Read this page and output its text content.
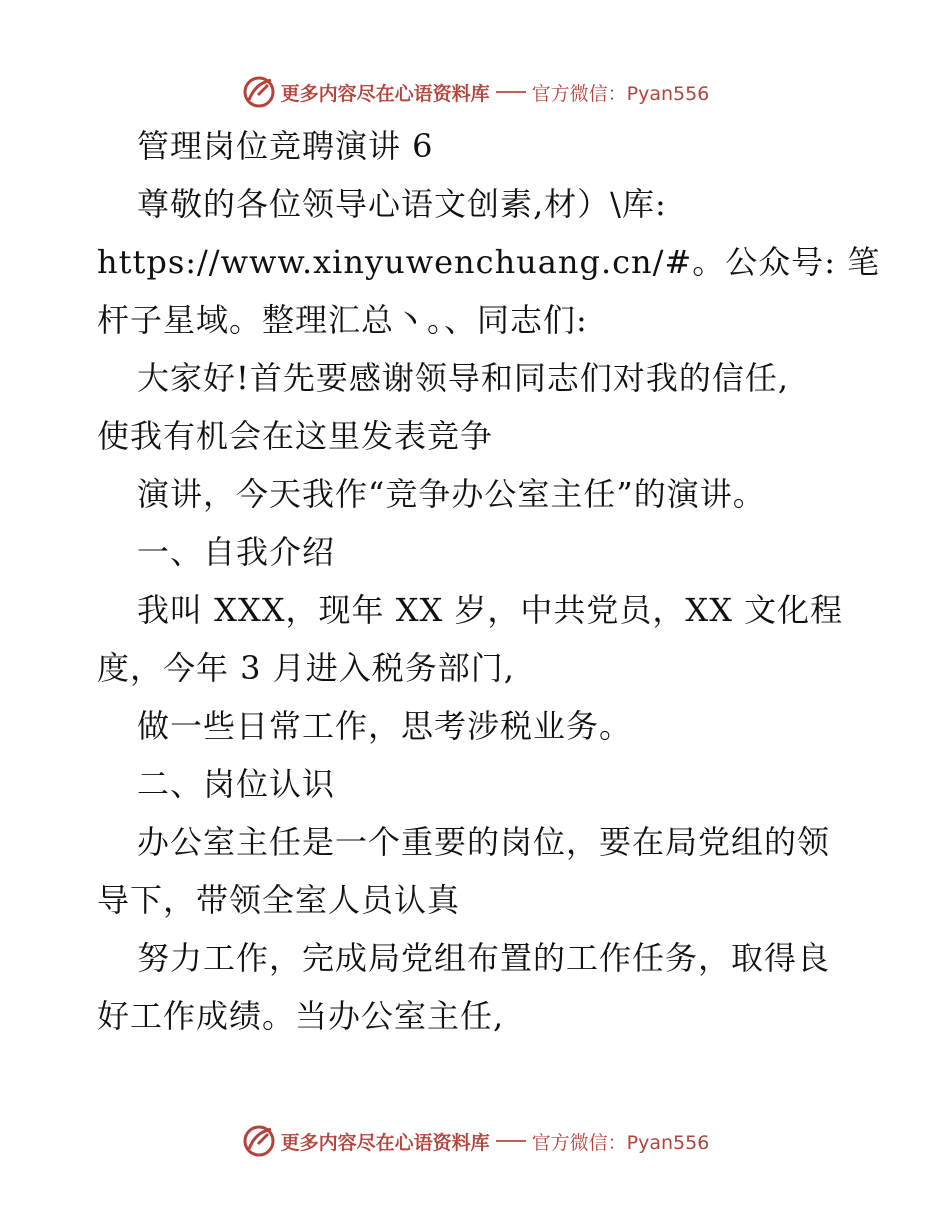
更多内容尽在心语资料库 官方微信：Pyan556
管理岗位竞聘演讲 6
尊敬的各位领导心语文创素,材）\库:
https://www.xinyuwenchuang.cn/#。公众号: 笔
杆子星域。整理汇总丶。、同志们:
大家好!首先要感谢领导和同志们对我的信任,
使我有机会在这里发表竞争
演讲，今天我作“竞争办公室主任”的演讲。
一、自我介绍
我叫 XXX，现年 XX 岁，中共党员，XX 文化程
度，今年 3 月进入税务部门,
做一些日常工作，思考涉税业务。
二、岗位认识
办公室主任是一个重要的岗位，要在局党组的领
导下，带领全室人员认真
努力工作，完成局党组布置的工作任务，取得良
好工作成绩。当办公室主任,
更多内容尽在心语资料库 官方微信：Pyan556
